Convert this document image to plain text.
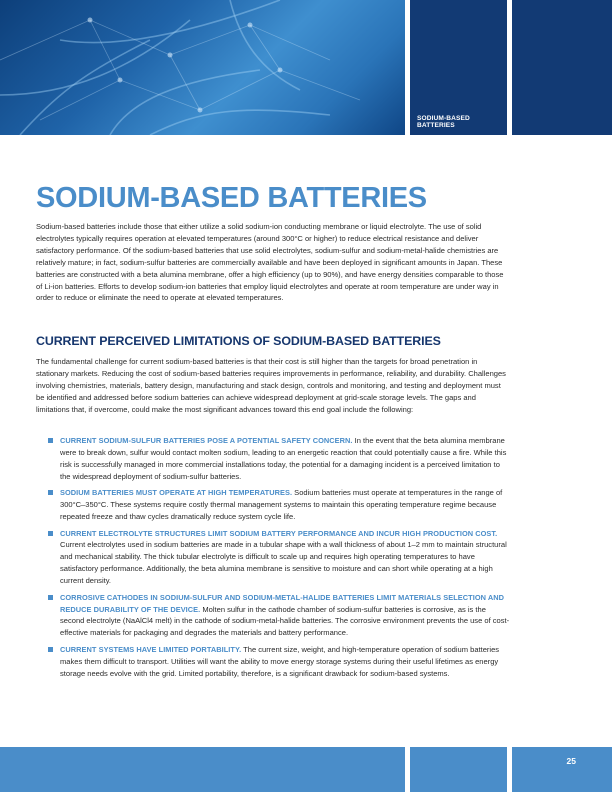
SODIUM-BASED BATTERIES
SODIUM-BASED BATTERIES

Sodium-based batteries include those that either utilize a solid sodium-ion conducting membrane or liquid electrolyte. The use of solid electrolytes typically requires operation at elevated temperatures (around 300°C or higher) to reduce electrical resistance and deliver satisfactory performance. Of the sodium-based batteries that use solid electrolytes, sodium-sulfur and sodium-metal-halide chemistries are relatively mature; in fact, sodium-sulfur batteries are commercially available and have been deployed in significant amounts in Japan. These batteries are constructed with a beta alumina membrane, offer a high efficiency (up to 90%), and have energy densities comparable to those of Li-ion batteries. Efforts to develop sodium-ion batteries that employ liquid electrolytes and operate at room temperature are under way in order to reduce or eliminate the need to operate at elevated temperatures.

CURRENT PERCEIVED LIMITATIONS OF SODIUM-BASED BATTERIES

The fundamental challenge for current sodium-based batteries is that their cost is still higher than the targets for broad penetration in stationary markets. Reducing the cost of sodium-based batteries requires improvements in performance, reliability, and durability. Challenges involving chemistries, materials, battery design, manufacturing and stack design, controls and monitoring, and testing and deployment must be identified and addressed before sodium batteries can achieve widespread deployment at grid-scale storage levels. The gaps and limitations that, if overcome, could make the most significant advances toward this end goal include the following:

CURRENT SODIUM-SULFUR BATTERIES POSE A POTENTIAL SAFETY CONCERN. In the event that the beta alumina membrane were to break down, sulfur would contact molten sodium, leading to an energetic reaction that could potentially cause a fire. While this risk is successfully managed in more commercial installations today, the potential for a damaging incident is a perceived limitation to the widespread deployment of sodium-sulfur batteries.
SODIUM BATTERIES MUST OPERATE AT HIGH TEMPERATURES. Sodium batteries must operate at temperatures in the range of 300°C–350°C. These systems require costly thermal management systems to maintain this operating temperature regime because repeated freeze and thaw cycles dramatically reduce system cycle life.
CURRENT ELECTROLYTE STRUCTURES LIMIT SODIUM BATTERY PERFORMANCE AND INCUR HIGH PRODUCTION COST. Current electrolytes used in sodium batteries are made in a tubular shape with a wall thickness of about 1–2 mm to maintain structural and mechanical stability. The thick tubular electrolyte is difficult to scale up and requires high operating temperatures to have satisfactory performance. Additionally, the beta alumina membrane is sensitive to moisture and can short while operating at a high current density.
CORROSIVE CATHODES IN SODIUM-SULFUR AND SODIUM-METAL-HALIDE BATTERIES LIMIT MATERIALS SELECTION AND REDUCE DURABILITY OF THE DEVICE. Molten sulfur in the cathode chamber of sodium-sulfur batteries is corrosive, as is the second electrolyte (NaAlCl4 melt) in the cathode of sodium-metal-halide batteries. The corrosive environment prevents the use of cost-effective materials for packaging and degrades the materials and battery performance.
CURRENT SYSTEMS HAVE LIMITED PORTABILITY. The current size, weight, and high-temperature operation of sodium batteries makes them difficult to transport. Utilities will want the ability to move energy storage systems during their useful lifetimes as energy storage needs evolve with the grid. Limited portability, therefore, is a significant drawback for sodium-based systems.
25
